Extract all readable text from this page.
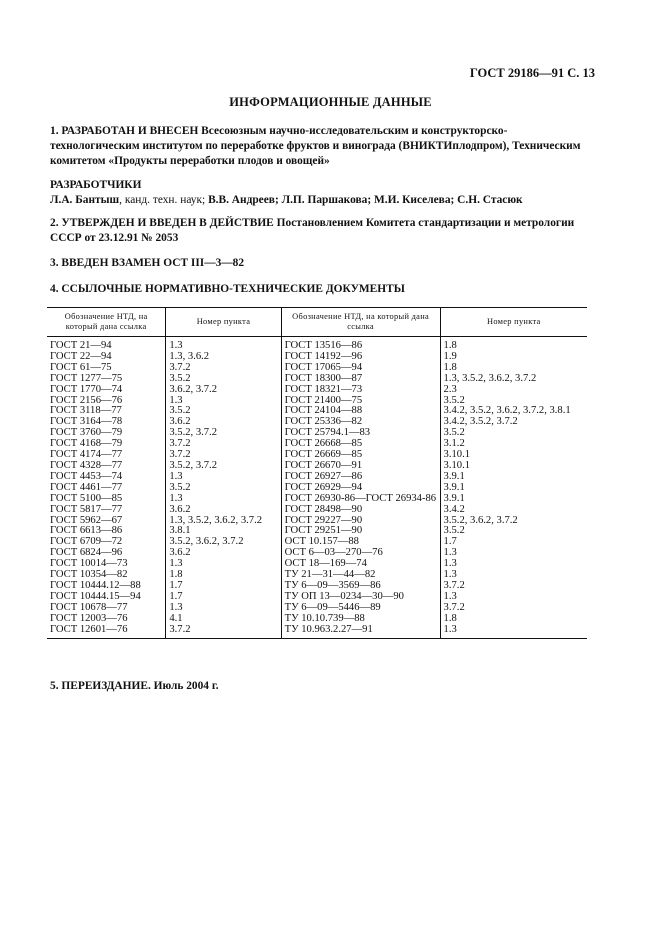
ГОСТ 29186—91 С. 13
ИНФОРМАЦИОННЫЕ ДАННЫЕ
1. РАЗРАБОТАН И ВНЕСЕН Всесоюзным научно-исследовательским и конструкторско-технологическим институтом по переработке фруктов и винограда (ВНИКТИплодпром), Техническим комитетом «Продукты переработки плодов и овощей»
РАЗРАБОТЧИКИ
Л.А. Бантыш, канд. техн. наук; В.В. Андреев; Л.П. Паршакова; М.И. Киселева; С.Н. Стасюк
2. УТВЕРЖДЕН И ВВЕДЕН В ДЕЙСТВИЕ Постановлением Комитета стандартизации и метрологии СССР от 23.12.91 № 2053
3. ВВЕДЕН ВЗАМЕН ОСТ III—3—82
4. ССЫЛОЧНЫЕ НОРМАТИВНО-ТЕХНИЧЕСКИЕ ДОКУМЕНТЫ
Обозначение НТД, на который дана ссылка	Номер пункта	Обозначение НТД, на который дана ссылка	Номер пункта
ГОСТ 21—94	1.3	ГОСТ 13516—86	1.8
ГОСТ 22—94	1.3, 3.6.2	ГОСТ 14192—96	1.9
ГОСТ 61—75	3.7.2	ГОСТ 17065—94	1.8
ГОСТ 1277—75	3.5.2	ГОСТ 18300—87	1.3, 3.5.2, 3.6.2, 3.7.2
ГОСТ 1770—74	3.6.2, 3.7.2	ГОСТ 18321—73	2.3
ГОСТ 2156—76	1.3	ГОСТ 21400—75	3.5.2
ГОСТ 3118—77	3.5.2	ГОСТ 24104—88	3.4.2, 3.5.2, 3.6.2, 3.7.2, 3.8.1
ГОСТ 3164—78	3.6.2	ГОСТ 25336—82	3.4.2, 3.5.2, 3.7.2
ГОСТ 3760—79	3.5.2, 3.7.2	ГОСТ 25794.1—83	3.5.2
ГОСТ 4168—79	3.7.2	ГОСТ 26668—85	3.1.2
ГОСТ 4174—77	3.7.2	ГОСТ 26669—85	3.10.1
ГОСТ 4328—77	3.5.2, 3.7.2	ГОСТ 26670—91	3.10.1
ГОСТ 4453—74	1.3	ГОСТ 26927—86	3.9.1
ГОСТ 4461—77	3.5.2	ГОСТ 26929—94	3.9.1
ГОСТ 5100—85	1.3	ГОСТ 26930-86—ГОСТ 26934-86	3.9.1
ГОСТ 5817—77	3.6.2	ГОСТ 28498—90	3.4.2
ГОСТ 5962—67	1.3, 3.5.2, 3.6.2, 3.7.2	ГОСТ 29227—90	3.5.2, 3.6.2, 3.7.2
ГОСТ 6613—86	3.8.1	ГОСТ 29251—90	3.5.2
ГОСТ 6709—72	3.5.2, 3.6.2, 3.7.2	ОСТ 10.157—88	1.7
ГОСТ 6824—96	3.6.2	ОСТ 6—03—270—76	1.3
ГОСТ 10014—73	1.3	ОСТ 18—169—74	1.3
ГОСТ 10354—82	1.8	ТУ 21—31—44—82	1.3
ГОСТ 10444.12—88	1.7	ТУ 6—09—3569—86	3.7.2
ГОСТ 10444.15—94	1.7	ТУ ОП 13—0234—30—90	1.3
ГОСТ 10678—77	1.3	ТУ 6—09—5446—89	3.7.2
ГОСТ 12003—76	4.1	ТУ 10.10.739—88	1.8
ГОСТ 12601—76	3.7.2	ТУ 10.963.2.27—91	1.3
5. ПЕРЕИЗДАНИЕ. Июль 2004 г.
